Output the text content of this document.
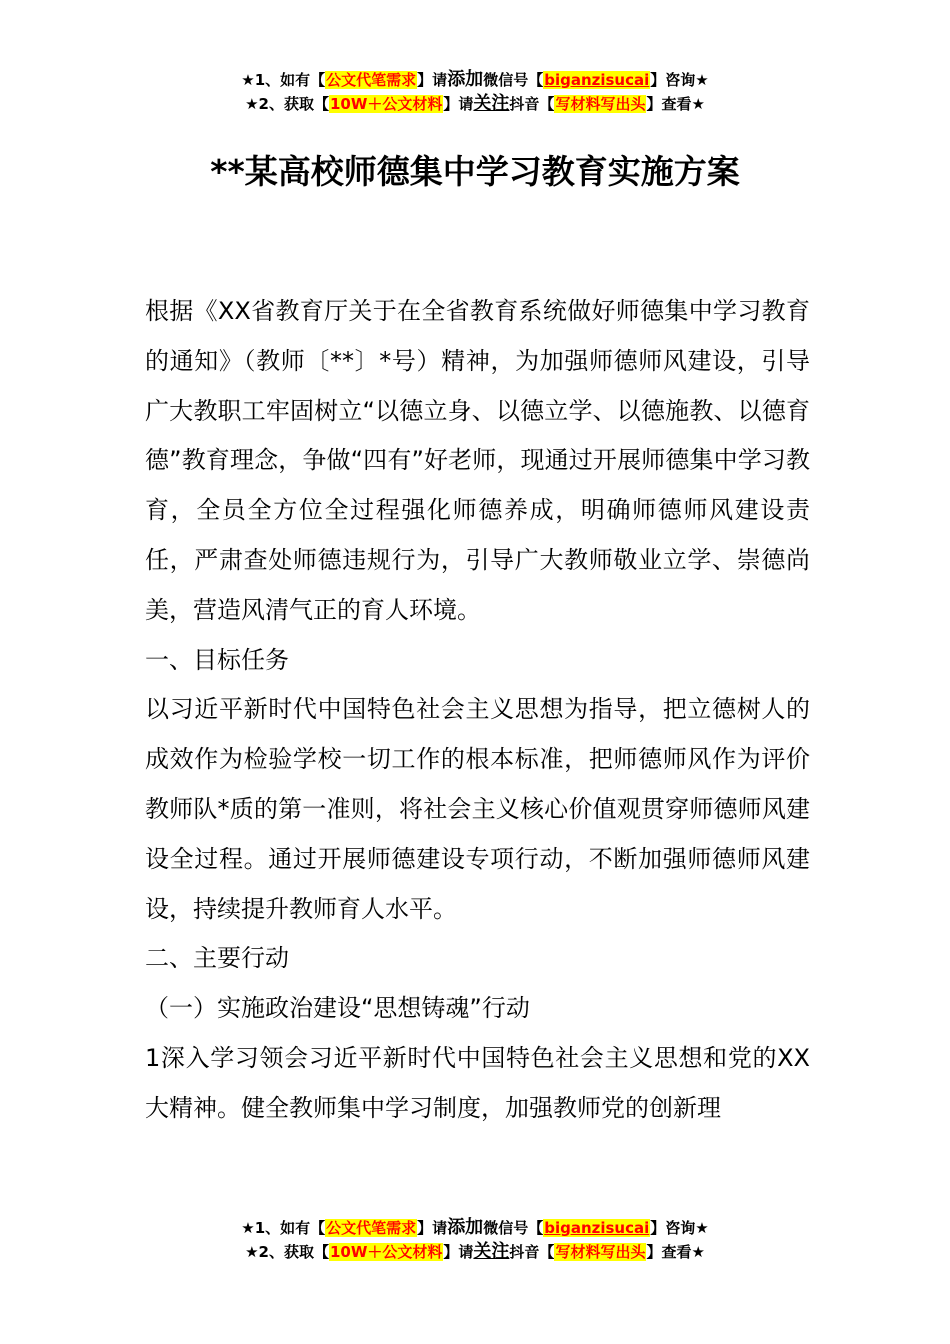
★1、如有【公文代笔需求】请添加微信号【biganzisucai】咨询★
★2、获取【10W＋公文材料】请关注抖音【写材料写出头】查看★
**某高校师德集中学习教育实施方案

根据《XX省教育厅关于在全省教育系统做好师德集中学习教育的通知》（教师〔**〕*号）精神，为加强师德师风建设，引导广大教职工牢固树立“以德立身、以德立学、以德施教、以德育德”教育理念，争做“四有”好老师，现通过开展师德集中学习教育，全员全方位全过程强化师德养成，明确师德师风建设责任，严肃查处师德违规行为，引导广大教师敬业立学、崇德尚美，营造风清气正的育人环境。

一、目标任务

以习近平新时代中国特色社会主义思想为指导，把立德树人的成效作为检验学校一切工作的根本标准，把师德师风作为评价教师队*质的第一准则，将社会主义核心价值观贯穿师德师风建设全过程。通过开展师德建设专项行动，不断加强师德师风建设，持续提升教师育人水平。

二、主要行动

（一）实施政治建设“思想铸魂”行动

1深入学习领会习近平新时代中国特色社会主义思想和党的XX大精神。健全教师集中学习制度，加强教师党的创新理

★1、如有【公文代笔需求】请添加微信号【biganzisucai】咨询★
★2、获取【10W＋公文材料】请关注抖音【写材料写出头】查看★
